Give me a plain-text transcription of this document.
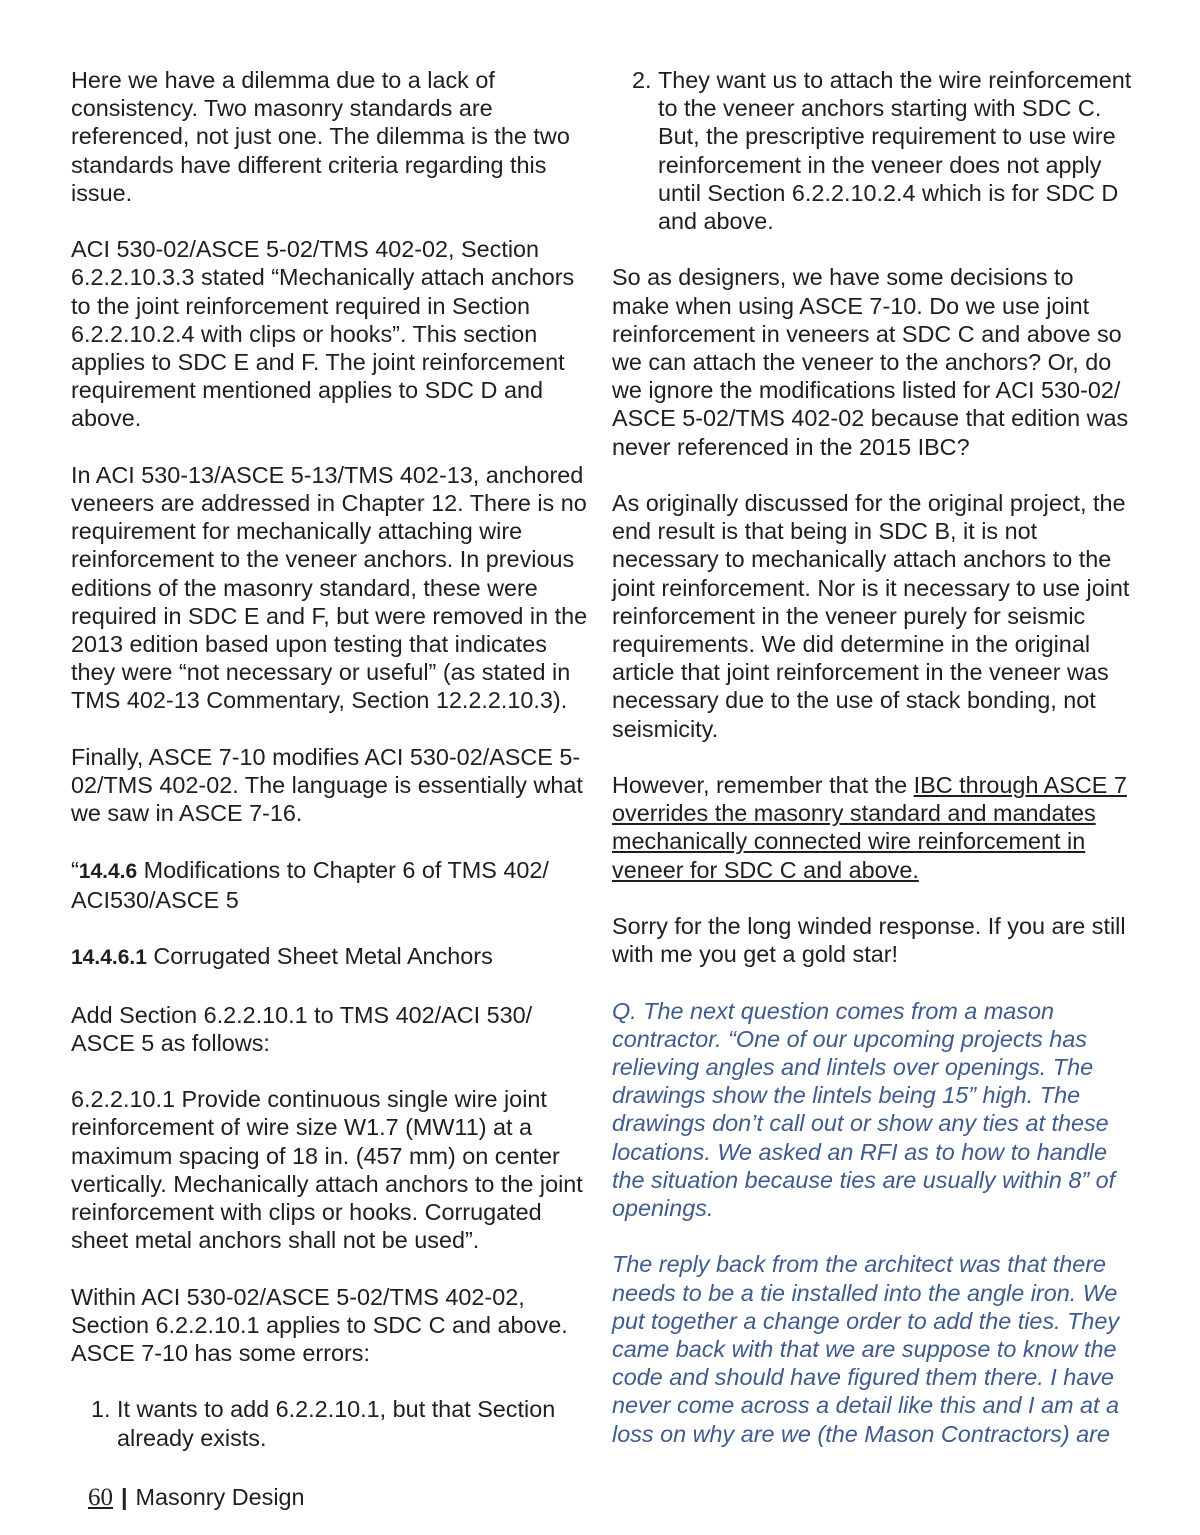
Here we have a dilemma due to a lack of consistency. Two masonry standards are referenced, not just one. The dilemma is the two standards have different criteria regarding this issue.

ACI 530-02/ASCE 5-02/TMS 402-02, Section 6.2.2.10.3.3 stated “Mechanically attach anchors to the joint reinforcement required in Section 6.2.2.10.2.4 with clips or hooks”. This section applies to SDC E and F. The joint reinforcement requirement mentioned applies to SDC D and above.

In ACI 530-13/ASCE 5-13/TMS 402-13, anchored veneers are addressed in Chapter 12. There is no requirement for mechanically attaching wire reinforcement to the veneer anchors. In previous editions of the masonry standard, these were required in SDC E and F, but were removed in the 2013 edition based upon testing that indicates they were “not necessary or useful” (as stated in TMS 402-13 Commentary, Section 12.2.2.10.3).

Finally, ASCE 7-10 modifies ACI 530-02/ASCE 5-02/TMS 402-02. The language is essentially what we saw in ASCE 7-16.

“14.4.6 Modifications to Chapter 6 of TMS 402/ ACI530/ASCE 5

14.4.6.1 Corrugated Sheet Metal Anchors

Add Section 6.2.2.10.1 to TMS 402/ACI 530/ ASCE 5 as follows:

6.2.2.10.1 Provide continuous single wire joint reinforcement of wire size W1.7 (MW11) at a maximum spacing of 18 in. (457 mm) on center vertically. Mechanically attach anchors to the joint reinforcement with clips or hooks. Corrugated sheet metal anchors shall not be used”.

Within ACI 530-02/ASCE 5-02/TMS 402-02, Section 6.2.2.10.1 applies to SDC C and above. ASCE 7-10 has some errors:

1. It wants to add 6.2.2.10.1, but that Section already exists.
2. They want us to attach the wire reinforcement to the veneer anchors starting with SDC C. But, the prescriptive requirement to use wire reinforcement in the veneer does not apply until Section 6.2.2.10.2.4 which is for SDC D and above.

So as designers, we have some decisions to make when using ASCE 7-10. Do we use joint reinforcement in veneers at SDC C and above so we can attach the veneer to the anchors? Or, do we ignore the modifications listed for ACI 530-02/ ASCE 5-02/TMS 402-02 because that edition was never referenced in the 2015 IBC?

As originally discussed for the original project, the end result is that being in SDC B, it is not necessary to mechanically attach anchors to the joint reinforcement. Nor is it necessary to use joint reinforcement in the veneer purely for seismic requirements. We did determine in the original article that joint reinforcement in the veneer was necessary due to the use of stack bonding, not seismicity.

However, remember that the IBC through ASCE 7 overrides the masonry standard and mandates mechanically connected wire reinforcement in veneer for SDC C and above.

Sorry for the long winded response. If you are still with me you get a gold star!

Q. The next question comes from a mason contractor. “One of our upcoming projects has relieving angles and lintels over openings. The drawings show the lintels being 15” high. The drawings don’t call out or show any ties at these locations. We asked an RFI as to how to handle the situation because ties are usually within 8” of openings.

The reply back from the architect was that there needs to be a tie installed into the angle iron. We put together a change order to add the ties. They came back with that we are suppose to know the code and should have figured them there. I have never come across a detail like this and I am at a loss on why are we (the Mason Contractors) are

60 | Masonry Design
